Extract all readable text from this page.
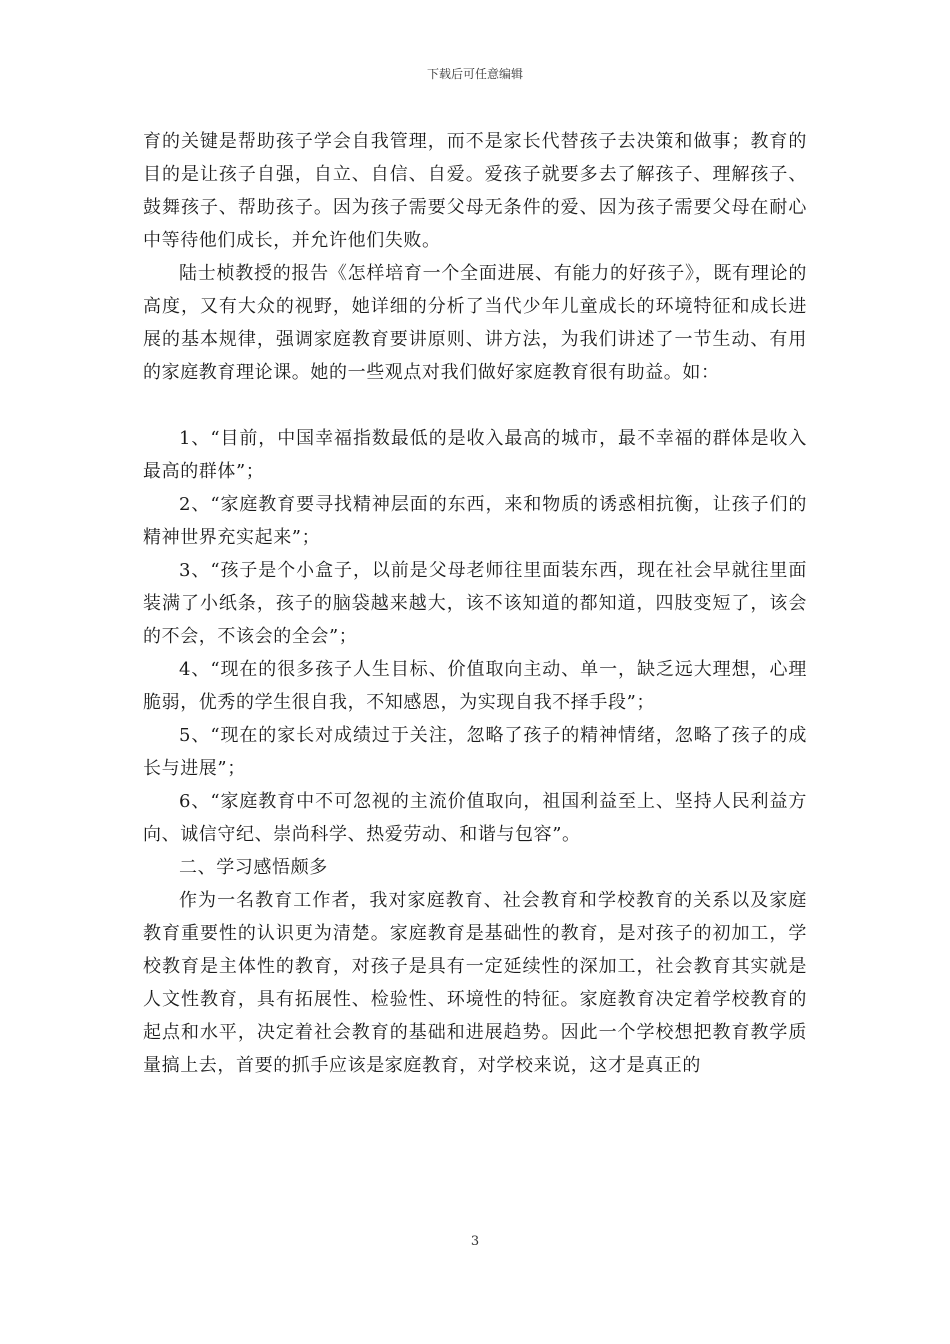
下载后可任意编辑

育的关键是帮助孩子学会自我管理，而不是家长代替孩子去决策和做事；教育的目的是让孩子自强，自立、自信、自爱。爱孩子就要多去了解孩子、理解孩子、鼓舞孩子、帮助孩子。因为孩子需要父母无条件的爱、因为孩子需要父母在耐心中等待他们成长，并允许他们失败。

陆士桢教授的报告《怎样培育一个全面进展、有能力的好孩子》，既有理论的高度，又有大众的视野，她详细的分析了当代少年儿童成长的环境特征和成长进展的基本规律，强调家庭教育要讲原则、讲方法，为我们讲述了一节生动、有用的家庭教育理论课。她的一些观点对我们做好家庭教育很有助益。如：

1、“目前，中国幸福指数最低的是收入最高的城市，最不幸福的群体是收入最高的群体”；

2、“家庭教育要寻找精神层面的东西，来和物质的诱惑相抗衡，让孩子们的精神世界充实起来”；

3、“孩子是个小盒子，以前是父母老师往里面装东西，现在社会早就往里面装满了小纸条，孩子的脑袋越来越大，该不该知道的都知道，四肢变短了，该会的不会，不该会的全会”；

4、“现在的很多孩子人生目标、价值取向主动、单一，缺乏远大理想，心理脆弱，优秀的学生很自我，不知感恩，为实现自我不择手段”；

5、“现在的家长对成绩过于关注，忽略了孩子的精神情绪，忽略了孩子的成长与进展”；

6、“家庭教育中不可忽视的主流价值取向，祖国利益至上、坚持人民利益方向、诚信守纪、崇尚科学、热爱劳动、和谐与包容”。

二、学习感悟颇多

作为一名教育工作者，我对家庭教育、社会教育和学校教育的关系以及家庭教育重要性的认识更为清楚。家庭教育是基础性的教育，是对孩子的初加工，学校教育是主体性的教育，对孩子是具有一定延续性的深加工，社会教育其实就是人文性教育，具有拓展性、检验性、环境性的特征。家庭教育决定着学校教育的起点和水平，决定着社会教育的基础和进展趋势。因此一个学校想把教育教学质量搞上去，首要的抓手应该是家庭教育，对学校来说，这才是真正的

3
